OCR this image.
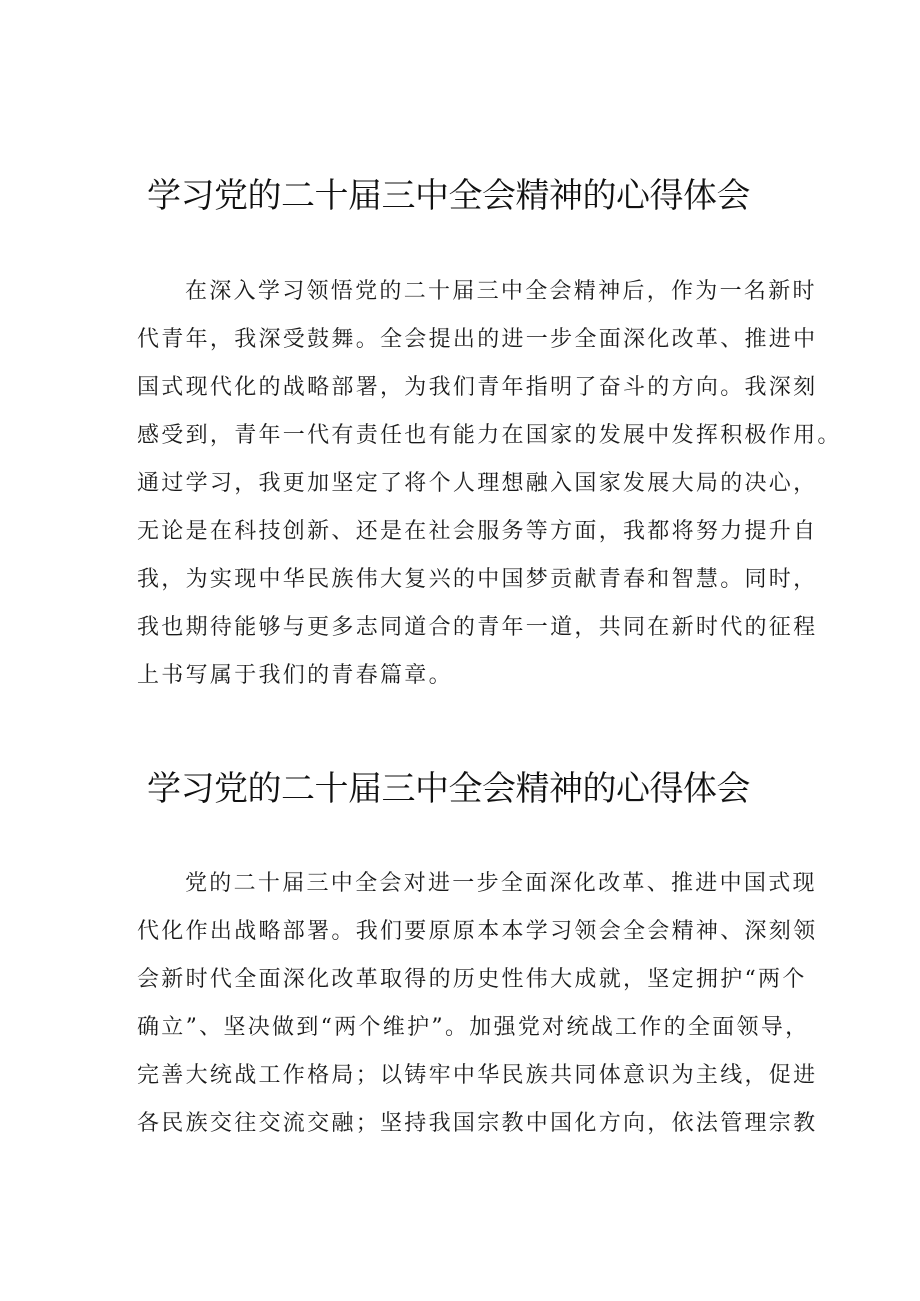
学习党的二十届三中全会精神的心得体会
在深入学习领悟党的二十届三中全会精神后，作为一名新时
代青年，我深受鼓舞。全会提出的进一步全面深化改革、推进中
国式现代化的战略部署，为我们青年指明了奋斗的方向。我深刻
感受到，青年一代有责任也有能力在国家的发展中发挥积极作用。
通过学习，我更加坚定了将个人理想融入国家发展大局的决心，
无论是在科技创新、还是在社会服务等方面，我都将努力提升自
我，为实现中华民族伟大复兴的中国梦贡献青春和智慧。同时，
我也期待能够与更多志同道合的青年一道，共同在新时代的征程
上书写属于我们的青春篇章。
学习党的二十届三中全会精神的心得体会
党的二十届三中全会对进一步全面深化改革、推进中国式现
代化作出战略部署。我们要原原本本学习领会全会精神、深刻领
会新时代全面深化改革取得的历史性伟大成就，坚定拥护“两个
确立”、坚决做到“两个维护”。加强党对统战工作的全面领导，
完善大统战工作格局；以铸牢中华民族共同体意识为主线，促进
各民族交往交流交融；坚持我国宗教中国化方向，依法管理宗教
